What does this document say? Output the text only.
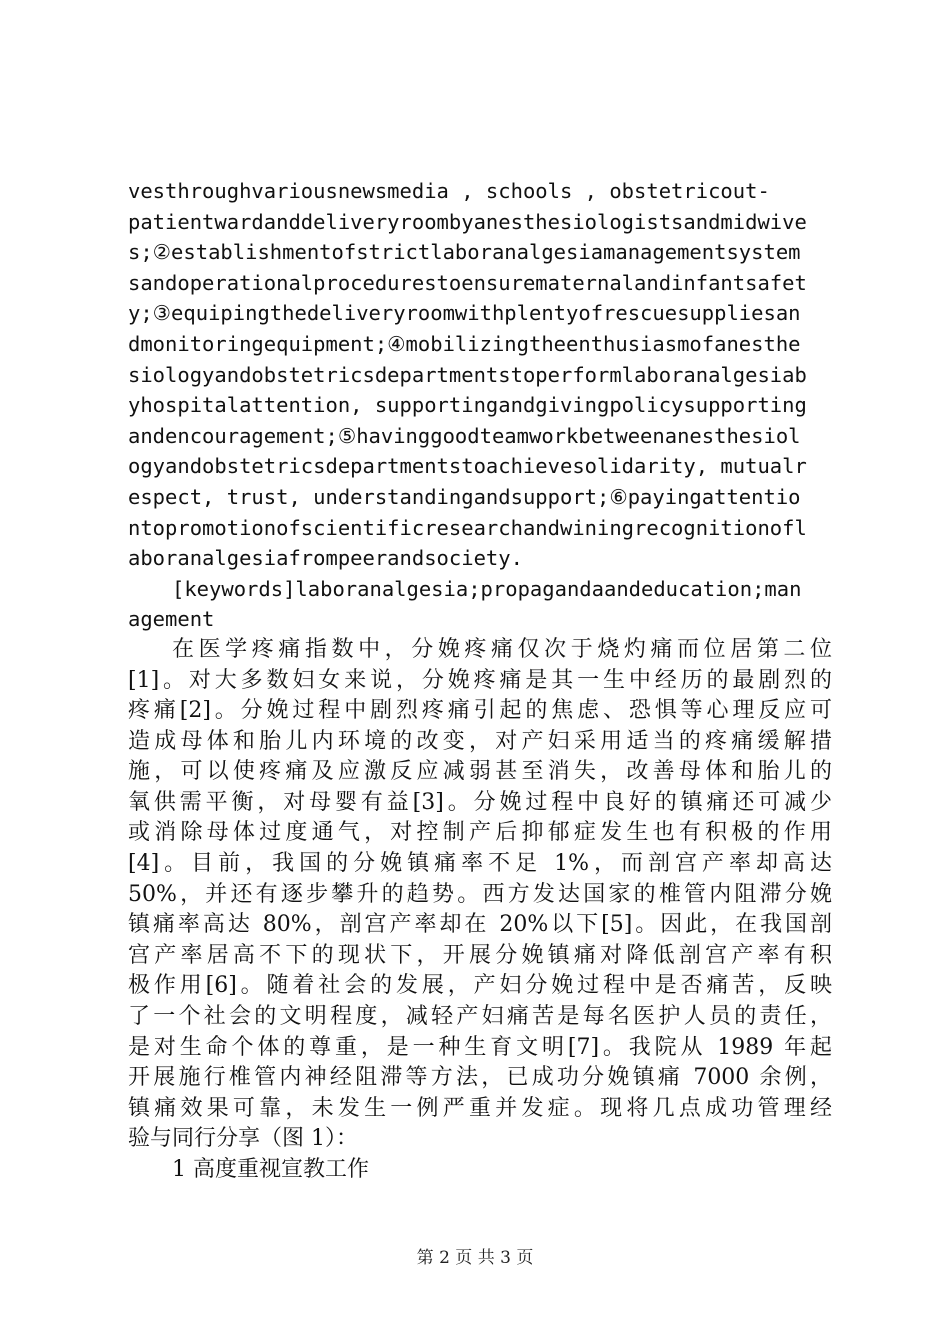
vesthroughvariousnewsmedia , schools , obstetricout-

patientwardanddeliveryroombyanesthesiologistsandmidwive

s;②establishmentofstrictlaboranalgesiamanagementsystem

sandoperationalprocedurestoensurematernalandinfantsafet

y;③equipingthedeliveryroomwithplentyofrescuesuppliesan

dmonitoringequipment;④mobilizingtheenthusiasmofanesthe

siologyandobstetricsdepartmentstoperformlaboranalgesiab

yhospitalattention, supportingandgivingpolicysupporting

andencouragement;⑤havinggoodteamworkbetweenanesthesiol

ogyandobstetricsdepartmentstoachievesolidarity, mutualr

espect, trust, understandingandsupport;⑥payingattentio

ntopromotionofscientificresearchandwiningrecognitionofl

aboranalgesiafrompeerandsociety.

[keywords]laboranalgesia;propagandaandeducation;man

agement

在医学疼痛指数中，分娩疼痛仅次于烧灼痛而位居第二位

[1]。对大多数妇女来说，分娩疼痛是其一生中经历的最剧烈的

疼痛[2]。分娩过程中剧烈疼痛引起的焦虑、恐惧等心理反应可

造成母体和胎儿内环境的改变，对产妇采用适当的疼痛缓解措

施，可以使疼痛及应激反应减弱甚至消失，改善母体和胎儿的

氧供需平衡，对母婴有益[3]。分娩过程中良好的镇痛还可减少

或消除母体过度通气，对控制产后抑郁症发生也有积极的作用

[4]。目前，我国的分娩镇痛率不足 1%，而剖宫产率却高达

50%，并还有逐步攀升的趋势。西方发达国家的椎管内阻滞分娩

镇痛率高达 80%，剖宫产率却在 20%以下[5]。因此，在我国剖

宫产率居高不下的现状下，开展分娩镇痛对降低剖宫产率有积

极作用[6]。随着社会的发展，产妇分娩过程中是否痛苦，反映

了一个社会的文明程度，减轻产妇痛苦是每名医护人员的责任，

是对生命个体的尊重，是一种生育文明[7]。我院从 1989 年起

开展施行椎管内神经阻滞等方法，已成功分娩镇痛 7000 余例，

镇痛效果可靠，未发生一例严重并发症。现将几点成功管理经

验与同行分享（图 1）：

1 高度重视宣教工作

第 2 页 共 3 页
